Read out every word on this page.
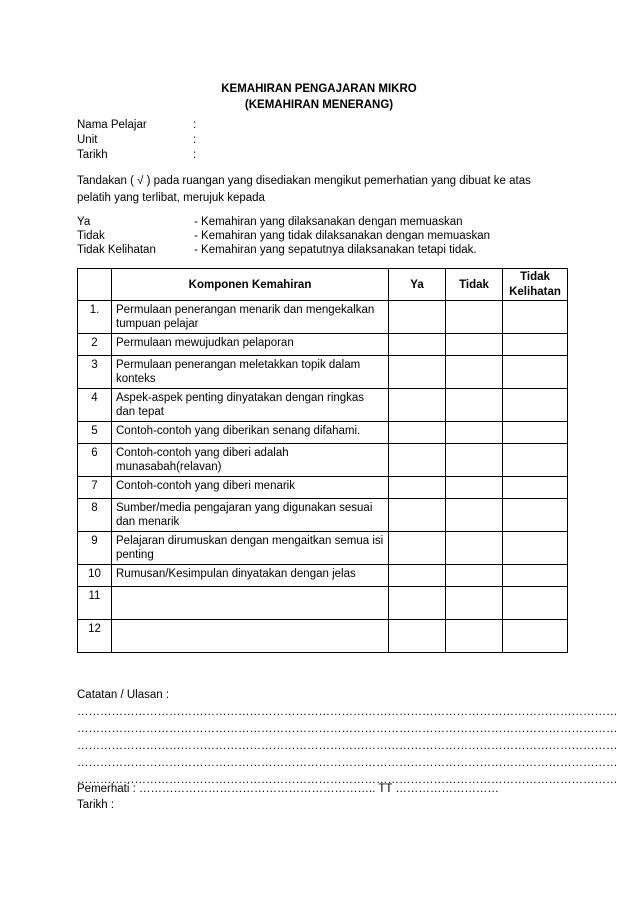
KEMAHIRAN PENGAJARAN MIKRO
(KEMAHIRAN MENERANG)
Nama Pelajar	:
Unit	:
Tarikh	:
Tandakan ( √ ) pada ruangan yang disediakan mengikut pemerhatian yang dibuat ke atas pelatih yang terlibat, merujuk kepada
Ya	- Kemahiran yang dilaksanakan dengan memuaskan
Tidak	- Kemahiran yang tidak dilaksanakan dengan memuaskan
Tidak Kelihatan	- Kemahiran yang sepatutnya dilaksanakan tetapi tidak.
	Komponen Kemahiran	Ya	Tidak	Tidak Kelihatan
1.	Permulaan penerangan menarik dan mengekalkan tumpuan pelajar			
2	Permulaan mewujudkan pelaporan			
3	Permulaan penerangan meletakkan topik dalam konteks			
4	Aspek-aspek penting dinyatakan dengan ringkas dan tepat			
5	Contoh-contoh yang diberikan senang difahami.			
6	Contoh-contoh yang diberi adalah munasabah(relavan)			
7	Contoh-contoh yang diberi menarik			
8	Sumber/media pengajaran yang digunakan sesuai dan menarik			
9	Pelajaran dirumuskan dengan mengaitkan semua isi penting			
10	Rumusan/Kesimpulan dinyatakan dengan jelas			
11				
12				
Catatan / Ulasan :
……………………………………………………………………………………………………………………………
……………………………………………………………………………………………………………………………
……………………………………………………………………………………………………………………………
……………………………………………………………………………………………………………………………
……………………………………………………………………………………………………………………………
Pemerhati : …………………………………………………….. TT ………………………
Tarikh :
